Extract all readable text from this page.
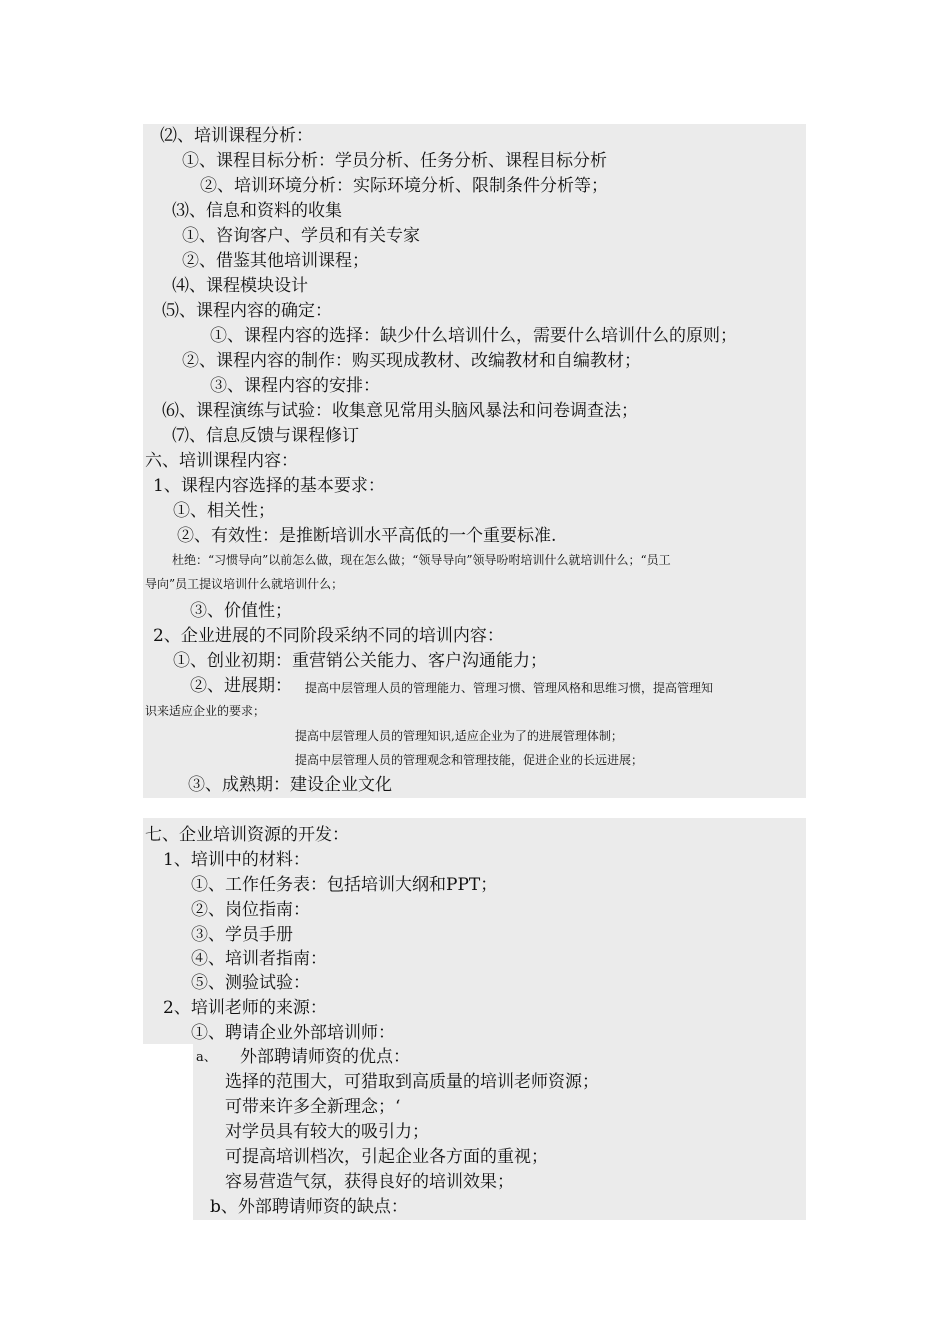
⑵、培训课程分析：
①、课程目标分析：学员分析、任务分析、课程目标分析
②、培训环境分析：实际环境分析、限制条件分析等；
⑶、信息和资料的收集
①、咨询客户、学员和有关专家
②、借鉴其他培训课程；
⑷、课程模块设计
⑸、课程内容的确定：
①、课程内容的选择：缺少什么培训什么，需要什么培训什么的原则；
②、课程内容的制作：购买现成教材、改编教材和自编教材；
③、课程内容的安排：
⑹、课程演练与试验：收集意见常用头脑风暴法和问卷调查法；
⑺、信息反馈与课程修订
六、培训课程内容：
1、课程内容选择的基本要求：
①、相关性；
②、有效性：是推断培训水平高低的一个重要标准.
杜绝：“习惯导向”以前怎么做，现在怎么做；“领导导向”领导吩咐培训什么就培训什么；“员工
导向”员工提议培训什么就培训什么；
③、价值性；
2、企业进展的不同阶段采纳不同的培训内容：
①、创业初期：重营销公关能力、客户沟通能力；
②、进展期： 提高中层管理人员的管理能力、管理习惯、管理风格和思维习惯，提高管理知
识来适应企业的要求；
提高中层管理人员的管理知识,适应企业为了的进展管理体制；
提高中层管理人员的管理观念和管理技能，促进企业的长远进展；
③、成熟期：建设企业文化
七、企业培训资源的开发：
1、培训中的材料：
①、工作任务表：包括培训大纲和PPT；
②、岗位指南：
③、学员手册
④、培训者指南：
⑤、测验试验：
2、培训老师的来源：
①、聘请企业外部培训师：
a、 外部聘请师资的优点：
选择的范围大，可猎取到高质量的培训老师资源；
可带来许多全新理念；‘
对学员具有较大的吸引力；
可提高培训档次，引起企业各方面的重视；
容易营造气氛，获得良好的培训效果；
b、外部聘请师资的缺点：
